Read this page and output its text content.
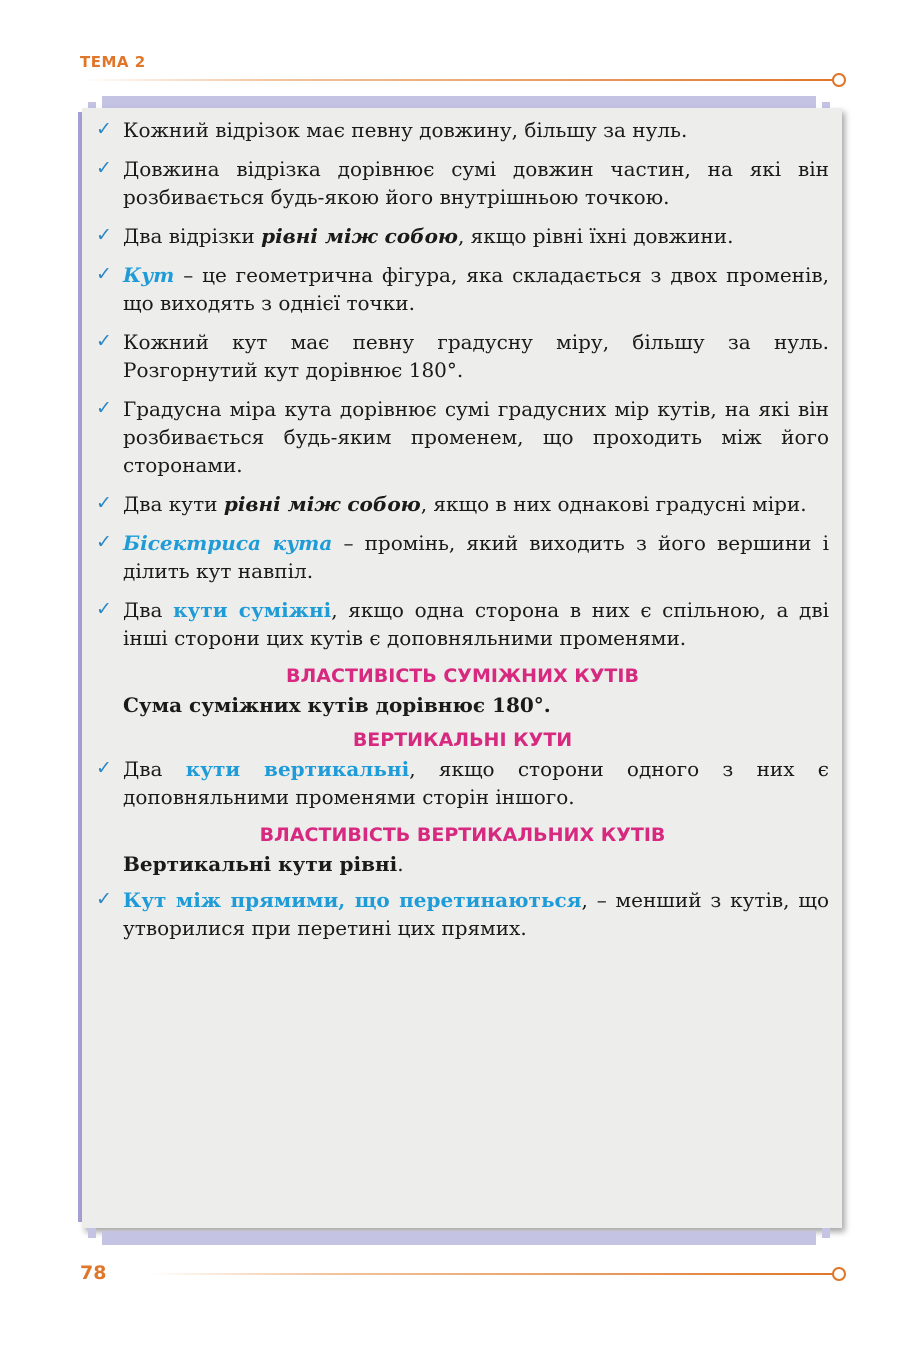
ТЕМА 2
✓ Кожний відрізок має певну довжину, більшу за нуль.
✓ Довжина відрізка дорівнює сумі довжин частин, на які він розбивається будь-якою його внутрішньою точкою.
✓ Два відрізки рівні між собою, якщо рівні їхні довжини.
✓ Кут – це геометрична фігура, яка складається з двох променів, що виходять з однієї точки.
✓ Кожний кут має певну градусну міру, більшу за нуль. Розгорнутий кут дорівнює 180°.
✓ Градусна міра кута дорівнює сумі градусних мір кутів, на які він розбивається будь-яким променем, що проходить між його сторонами.
✓ Два кути рівні між собою, якщо в них однакові градусні міри.
✓ Бісектриса кута – промінь, який виходить з його вершини і ділить кут навпіл.
✓ Два кути суміжні, якщо одна сторона в них є спільною, а дві інші сторони цих кутів є доповняльними променями.
ВЛАСТИВІСТЬ СУМІЖНИХ КУТІВ
Сума суміжних кутів дорівнює 180°.
ВЕРТИКАЛЬНІ КУТИ
✓ Два кути вертикальні, якщо сторони одного з них є доповняльними променями сторін іншого.
ВЛАСТИВІСТЬ ВЕРТИКАЛЬНИХ КУТІВ
Вертикальні кути рівні.
✓ Кут між прямими, що перетинаються, – менший з кутів, що утворилися при перетині цих прямих.
78
